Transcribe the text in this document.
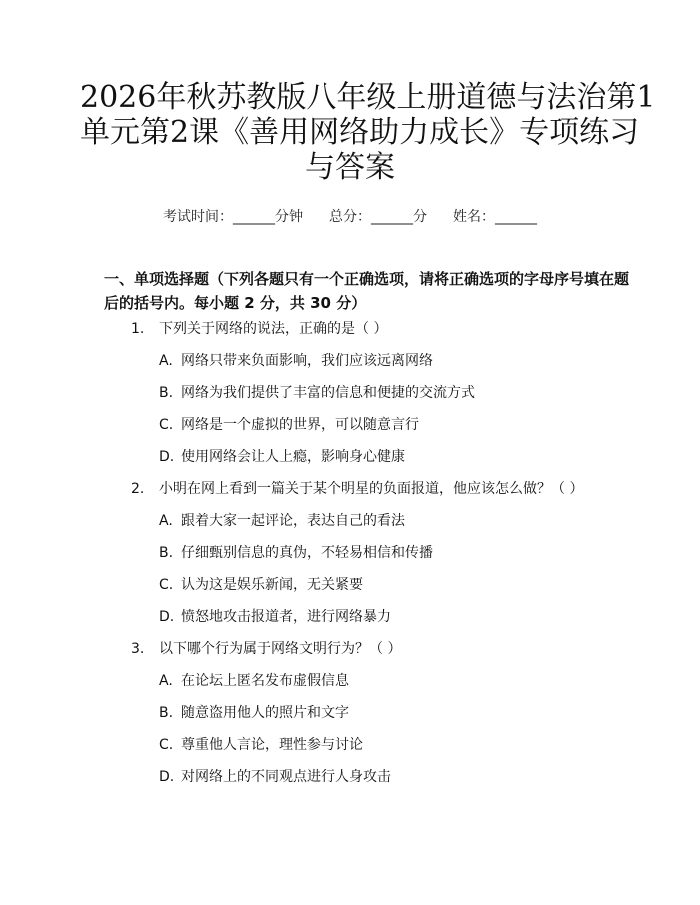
2026年秋苏教版八年级上册道德与法治第1
单元第2课《善用网络助力成长》专项练习
与答案
考试时间：______分钟 总分：______分 姓名：______
一、单项选择题（下列各题只有一个正确选项，请将正确选项的字母序号填在题
后的括号内。每小题 2 分，共 30 分）
1. 下列关于网络的说法，正确的是（ ）
A. 网络只带来负面影响，我们应该远离网络
B. 网络为我们提供了丰富的信息和便捷的交流方式
C. 网络是一个虚拟的世界，可以随意言行
D. 使用网络会让人上瘾，影响身心健康
2. 小明在网上看到一篇关于某个明星的负面报道，他应该怎么做？（ ）
A. 跟着大家一起评论，表达自己的看法
B. 仔细甄别信息的真伪，不轻易相信和传播
C. 认为这是娱乐新闻，无关紧要
D. 愤怒地攻击报道者，进行网络暴力
3. 以下哪个行为属于网络文明行为？（ ）
A. 在论坛上匿名发布虚假信息
B. 随意盗用他人的照片和文字
C. 尊重他人言论，理性参与讨论
D. 对网络上的不同观点进行人身攻击
